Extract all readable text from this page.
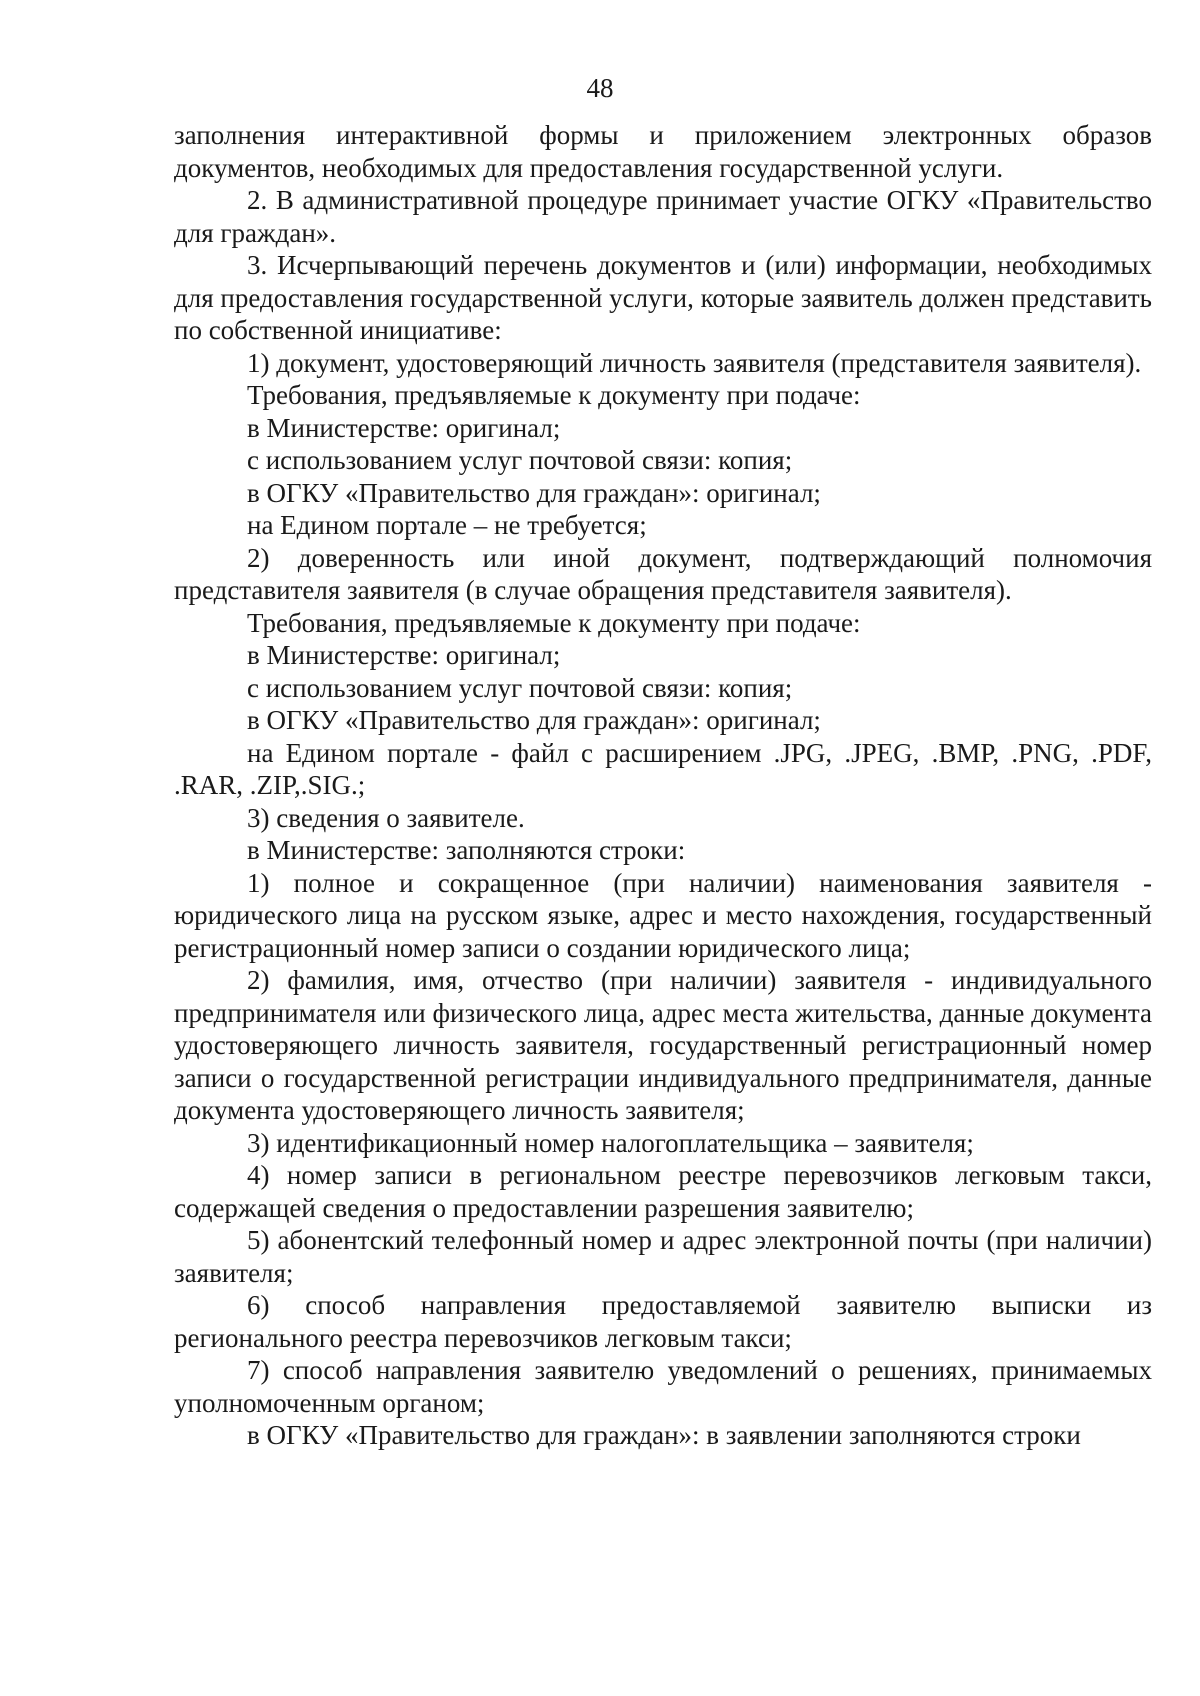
48

заполнения интерактивной формы и приложением электронных образов документов, необходимых для предоставления государственной услуги.

2. В административной процедуре принимает участие ОГКУ «Правительство для граждан».

3. Исчерпывающий перечень документов и (или) информации, необходимых для предоставления государственной услуги, которые заявитель должен представить по собственной инициативе:

1) документ, удостоверяющий личность заявителя (представителя заявителя).

Требования, предъявляемые к документу при подаче:

в Министерстве: оригинал;

с использованием услуг почтовой связи: копия;

в ОГКУ «Правительство для граждан»: оригинал;

на Едином портале – не требуется;

2) доверенность или иной документ, подтверждающий полномочия представителя заявителя (в случае обращения представителя заявителя).

Требования, предъявляемые к документу при подаче:

в Министерстве: оригинал;

с использованием услуг почтовой связи: копия;

в ОГКУ «Правительство для граждан»: оригинал;

на Едином портале - файл с расширением .JPG, .JPEG, .BMP, .PNG, .PDF, .RAR, .ZIP,.SIG.;

3) сведения о заявителе.

в Министерстве: заполняются строки:

1) полное и сокращенное (при наличии) наименования заявителя - юридического лица на русском языке, адрес и место нахождения, государственный регистрационный номер записи о создании юридического лица;

2) фамилия, имя, отчество (при наличии) заявителя - индивидуального предпринимателя или физического лица, адрес места жительства, данные документа удостоверяющего личность заявителя, государственный регистрационный номер записи о государственной регистрации индивидуального предпринимателя, данные документа удостоверяющего личность заявителя;

3) идентификационный номер налогоплательщика – заявителя;

4) номер записи в региональном реестре перевозчиков легковым такси, содержащей сведения о предоставлении разрешения заявителю;

5) абонентский телефонный номер и адрес электронной почты (при наличии) заявителя;

6) способ направления предоставляемой заявителю выписки из регионального реестра перевозчиков легковым такси;

7) способ направления заявителю уведомлений о решениях, принимаемых уполномоченным органом;

в ОГКУ «Правительство для граждан»: в заявлении заполняются строки
